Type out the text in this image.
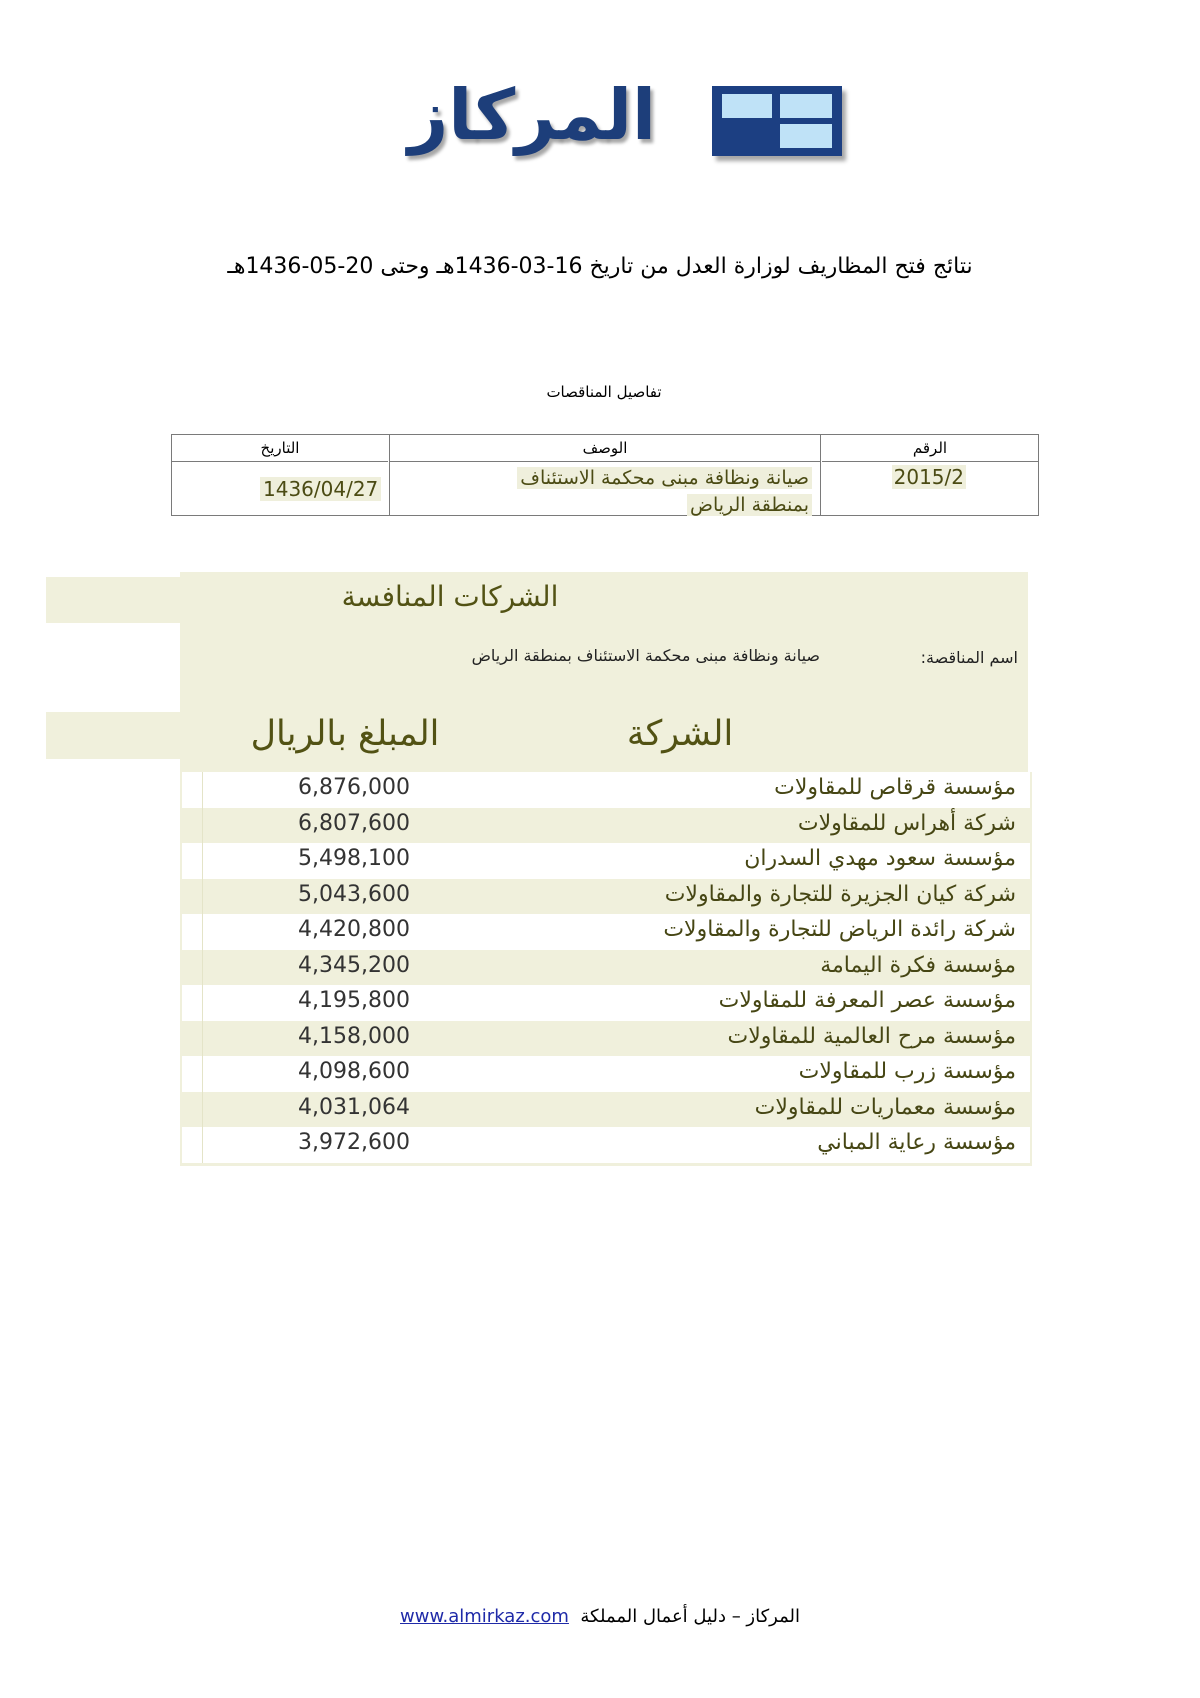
المركاز
نتائج فتح المظاريف لوزارة العدل من تاريخ 16-03-1436هـ وحتى 20-05-1436هـ
تفاصيل المناقصات
الرقم
2015/2
الوصف
صيانة ونظافة مبنى محكمة الاستئناف
بمنطقة الرياض
التاريخ
1436/04/27
الشركات المنافسة
اسم المناقصة:
صيانة ونظافة مبنى محكمة الاستئناف بمنطقة الرياض
الشركة
المبلغ بالريال
مؤسسة قرقاص للمقاولات
6,876,000
شركة أهراس للمقاولات
6,807,600
مؤسسة سعود مهدي السدران
5,498,100
شركة كيان الجزيرة للتجارة والمقاولات
5,043,600
شركة رائدة الرياض للتجارة والمقاولات
4,420,800
مؤسسة فكرة اليمامة
4,345,200
مؤسسة عصر المعرفة للمقاولات
4,195,800
مؤسسة مرح العالمية للمقاولات
4,158,000
مؤسسة زرب للمقاولات
4,098,600
مؤسسة معماريات للمقاولات
4,031,064
مؤسسة رعاية المباني
3,972,600
المركاز – دليل أعمال المملكة  www.almirkaz.com
